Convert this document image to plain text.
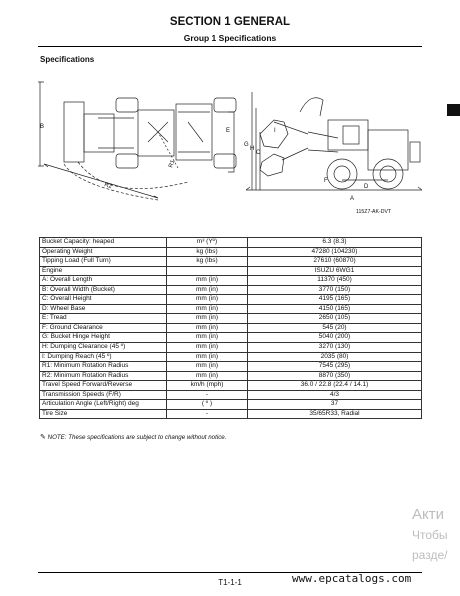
SECTION 1 GENERAL
Group 1 Specifications
Specifications
B
E
R2
R1
G
H
C
I
D
A
F
115Z7-AK-DVT
Bucket Capacity: heaped	m³ (Yº)	6.3 (8.3)
Operating Weight	kg (lbs)	47280 (104230)
Tipping Load (Full Turn)	kg (lbs)	27610 (60870)
Engine		ISUZU 6WG1
A: Overall Length	mm (in)	11370 (450)
B: Overall Width (Bucket)	mm (in)	3770 (150)
C: Overall Height	mm (in)	4195 (165)
D: Wheel Base	mm (in)	4150 (165)
E: Tread	mm (in)	2650 (105)
F: Ground Clearance	mm (in)	545 (20)
G: Bucket Hinge Height	mm (in)	5040 (200)
H: Dumping Clearance (45 º)	mm (in)	3270 (130)
I: Dumping Reach (45 º)	mm (in)	2035 (80)
R1: Minimum Rotation Radius	mm (in)	7545 (295)
R2: Minimum Rotation Radius	mm (in)	8870 (350)
Travel Speed Forward/Reverse	km/h (mph)	36.0 / 22.8 (22.4 / 14.1)
Transmission Speeds (F/R)	-	4/3
Articulation Angle (Left/Right) deg	( º )	37
Tire Size	-	35/65R33, Radial
✎ NOTE: These specifications are subject to change without notice.
Акти
Чтобы
разде/
T1-1-1	www.epcatalogs.com
